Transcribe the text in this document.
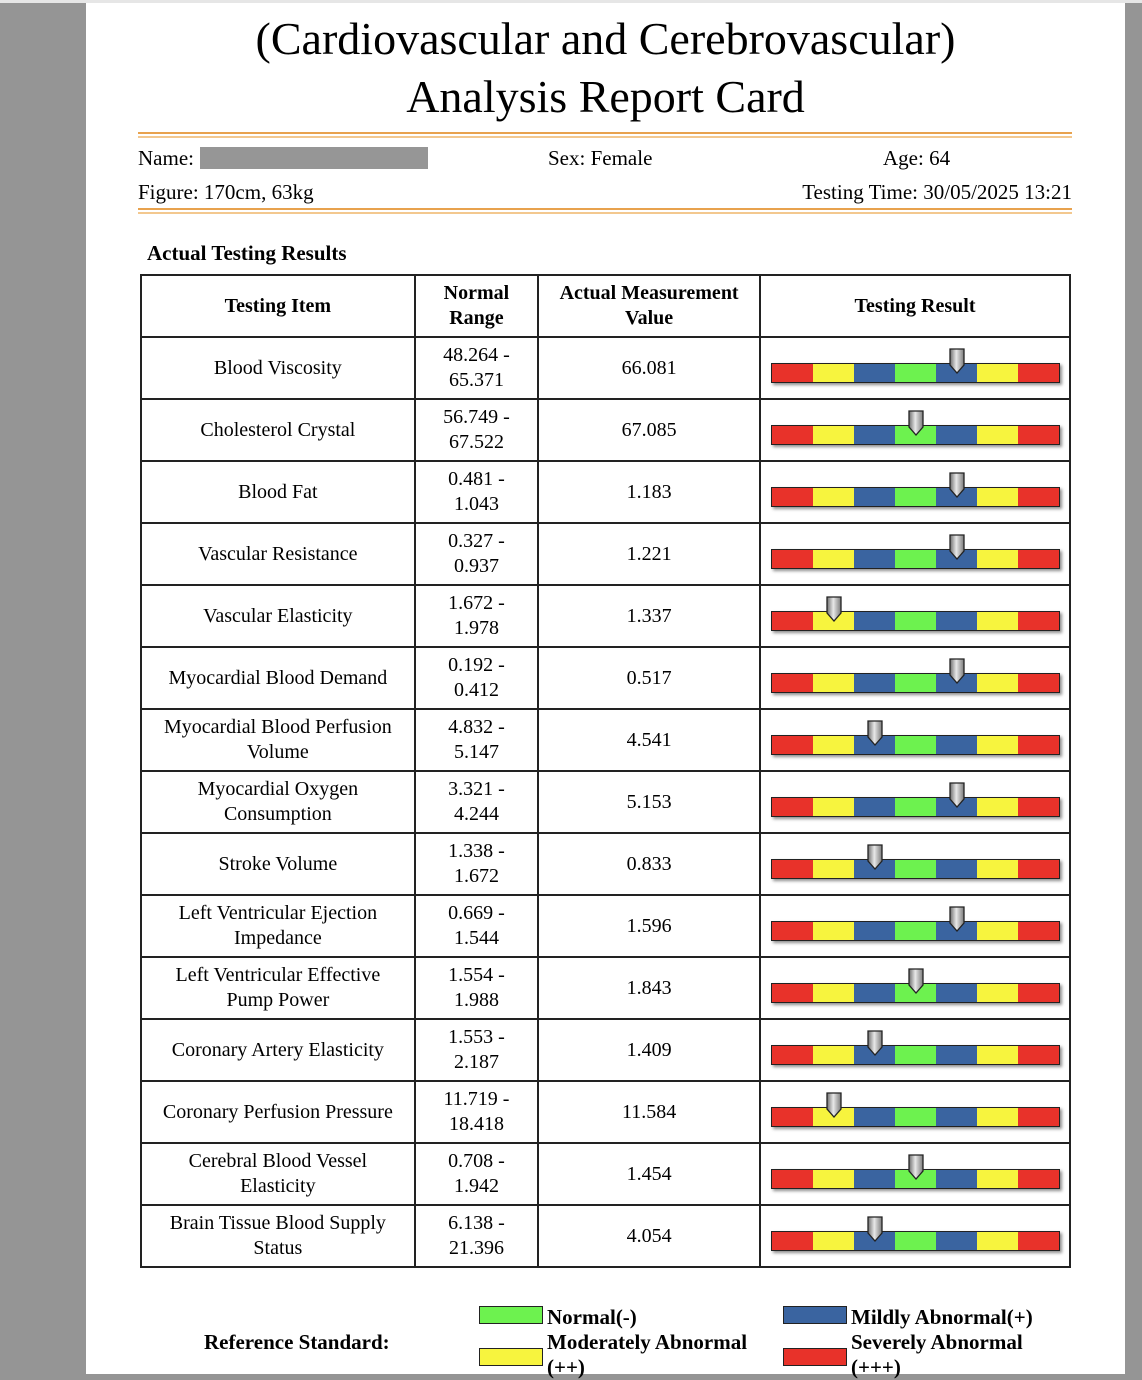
(Cardiovascular and Cerebrovascular)
Analysis Report Card
Name:	Sex: Female	Age: 64
Figure: 170cm, 63kg	Testing Time: 30/05/2025 13:21
Actual Testing Results
Testing Item	Normal Range	Actual Measurement Value	Testing Result

Blood Viscosity	48.264 - 65.371	66.081	

Cholesterol Crystal	56.749 - 67.522	67.085	

Blood Fat	0.481 - 1.043	1.183	

Vascular Resistance	0.327 - 0.937	1.221	

Vascular Elasticity	1.672 - 1.978	1.337	

Myocardial Blood Demand	0.192 - 0.412	0.517	

Myocardial Blood Perfusion Volume	4.832 - 5.147	4.541	

Myocardial Oxygen Consumption	3.321 - 4.244	5.153	

Stroke Volume	1.338 - 1.672	0.833	

Left Ventricular Ejection Impedance	0.669 - 1.544	1.596	

Left Ventricular Effective Pump Power	1.554 - 1.988	1.843	

Coronary Artery Elasticity	1.553 - 2.187	1.409	

Coronary Perfusion Pressure	11.719 - 18.418	11.584	

Cerebral Blood Vessel Elasticity	0.708 - 1.942	1.454	

Brain Tissue Blood Supply Status	6.138 - 21.396	4.054	
Reference Standard:
Normal(-)	Mildly Abnormal(+)
Moderately Abnormal (++)
Severely Abnormal (+++)
